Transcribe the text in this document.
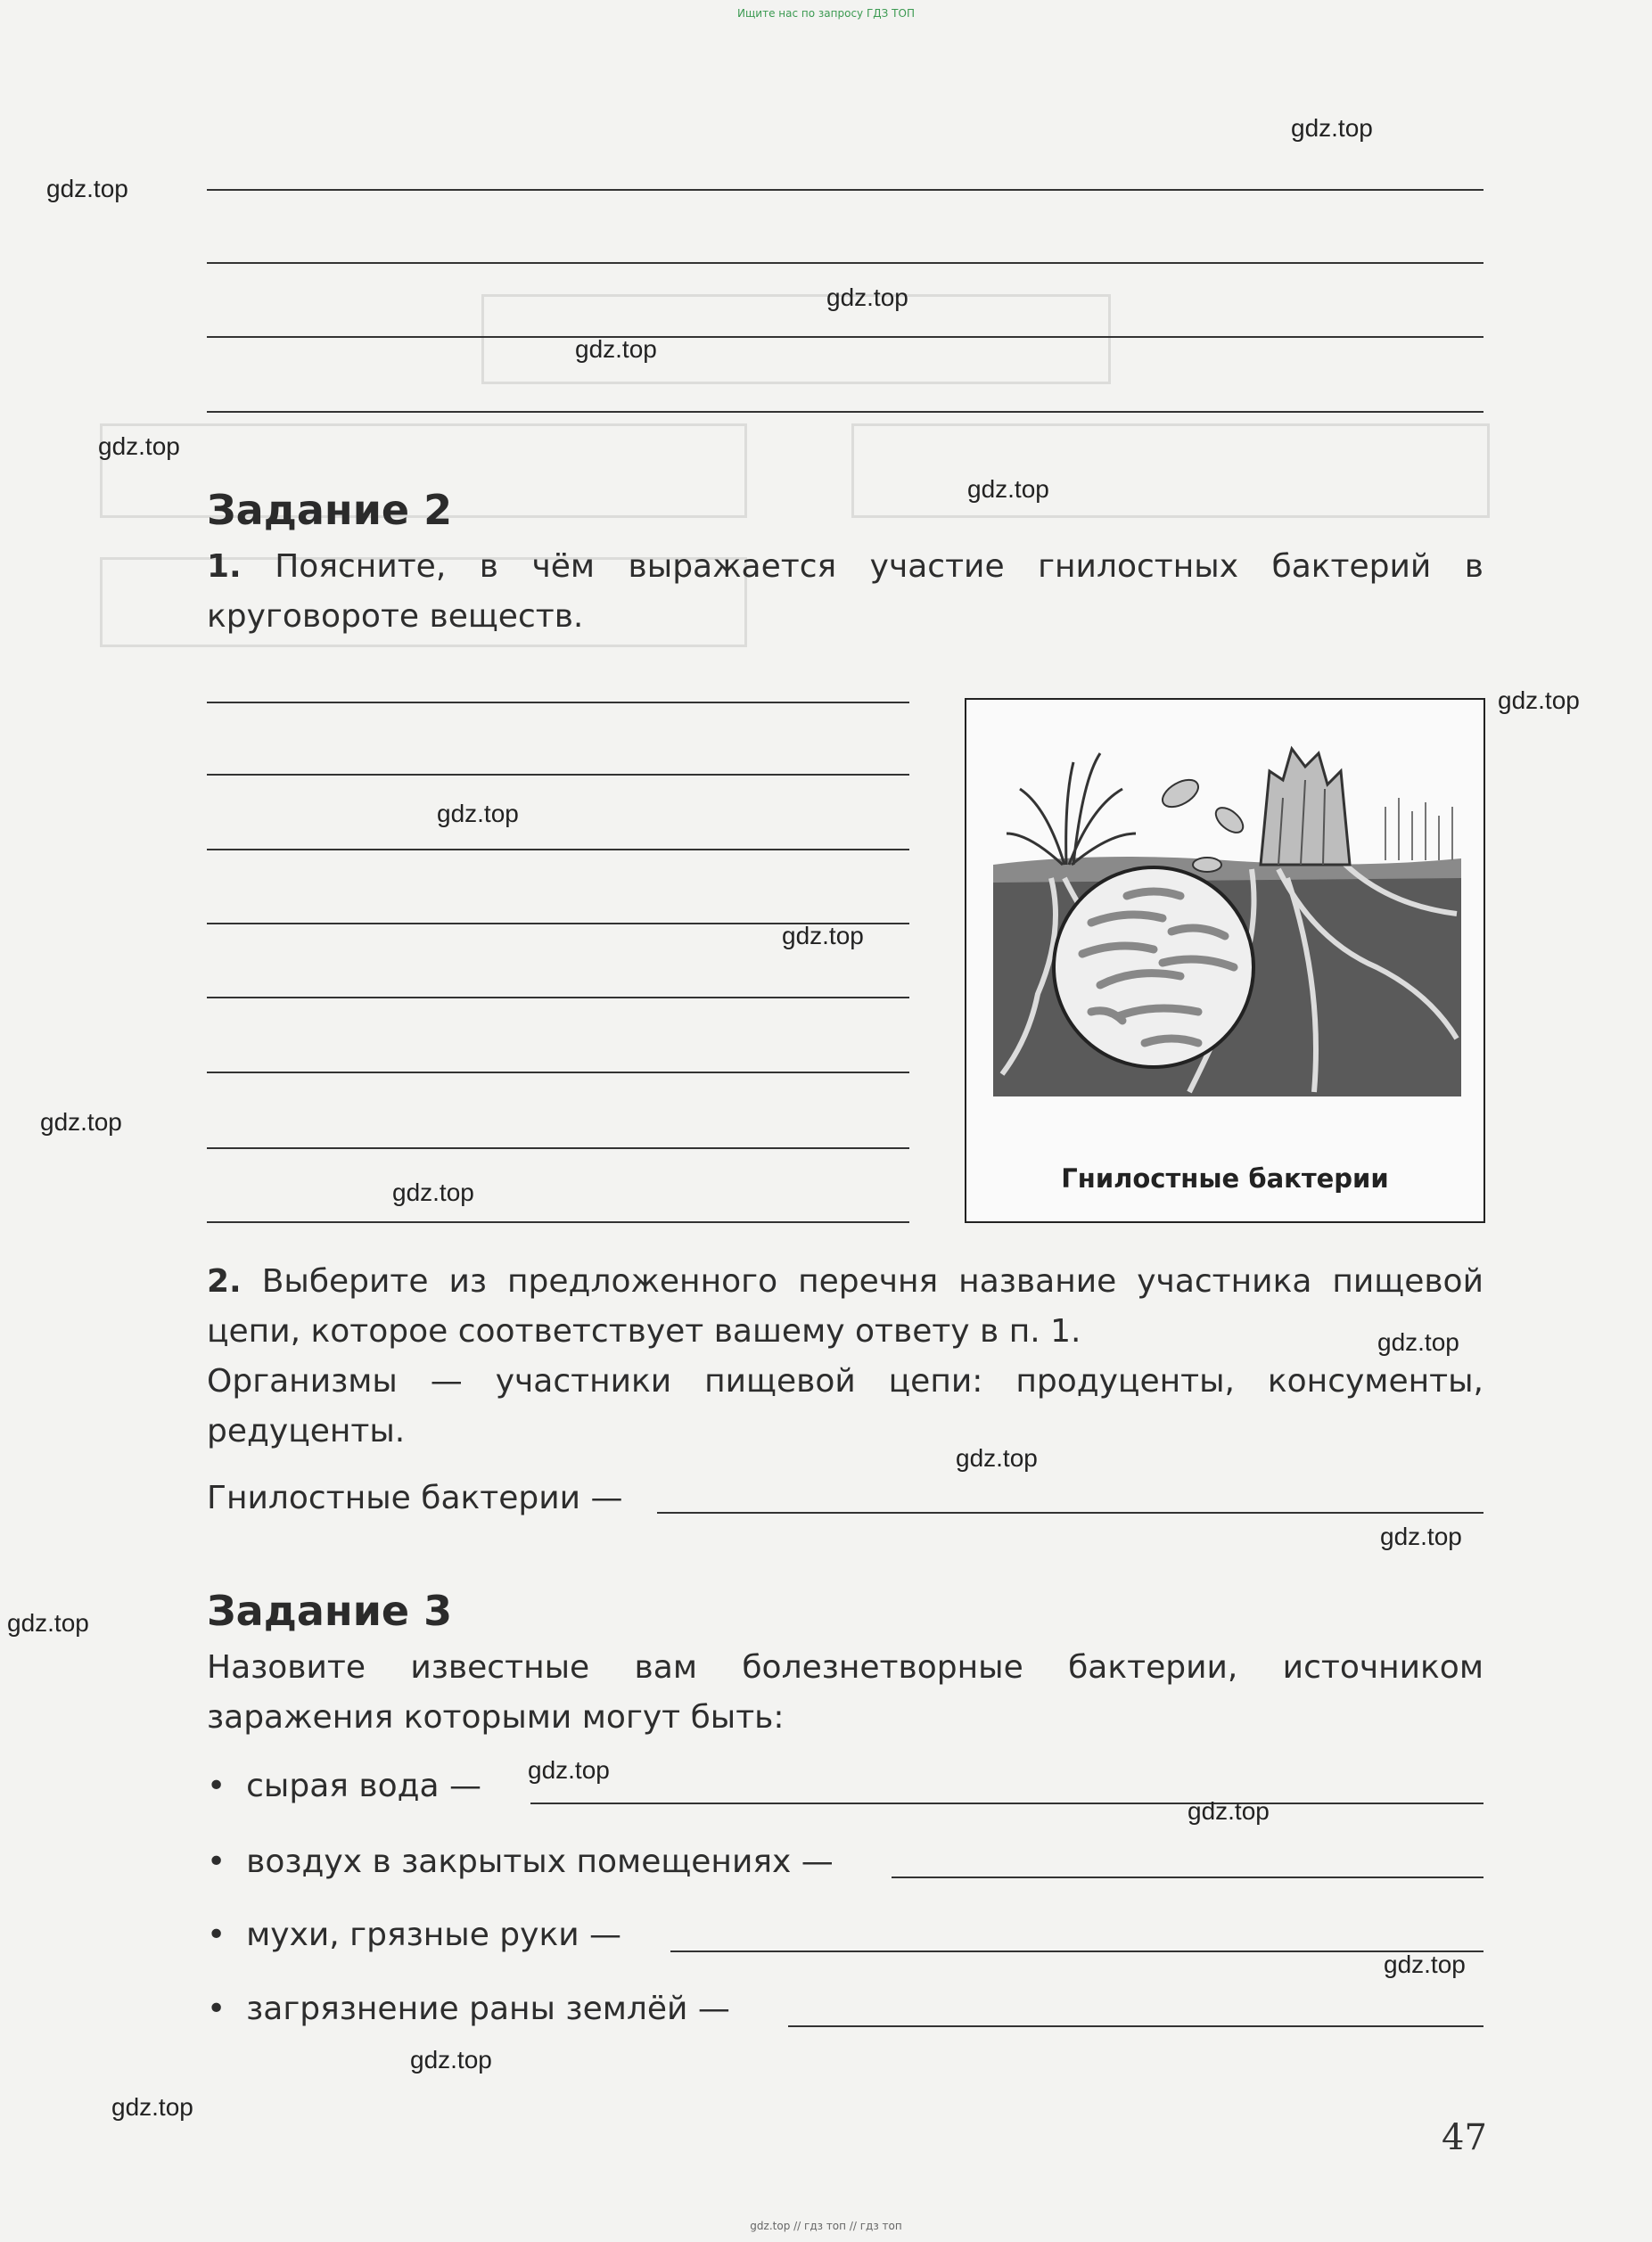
Ищите нас по запросу ГДЗ ТОП
gdz.top // гдз топ // гдз топ
Задание 2
1. Поясните, в чём выражается участие гнилостных бактерий в круговороте веществ.
Гнилостные бактерии
2. Выберите из предложенного перечня название участника пищевой цепи, которое соответствует вашему ответу в п. 1.
Организмы — участники пищевой цепи: продуценты, консументы, редуценты.
Гнилостные бактерии —
Задание 3
Назовите известные вам болезнетворные бактерии, источником заражения которыми могут быть:
•  сырая вода —
•  воздух в закрытых помещениях —
•  мухи, грязные руки —
•  загрязнение раны землёй —
47
gdz.top
gdz.top
gdz.top
gdz.top
gdz.top
gdz.top
gdz.top
gdz.top
gdz.top
gdz.top
gdz.top
gdz.top
gdz.top
gdz.top
gdz.top
gdz.top
gdz.top
gdz.top
gdz.top
gdz.top
